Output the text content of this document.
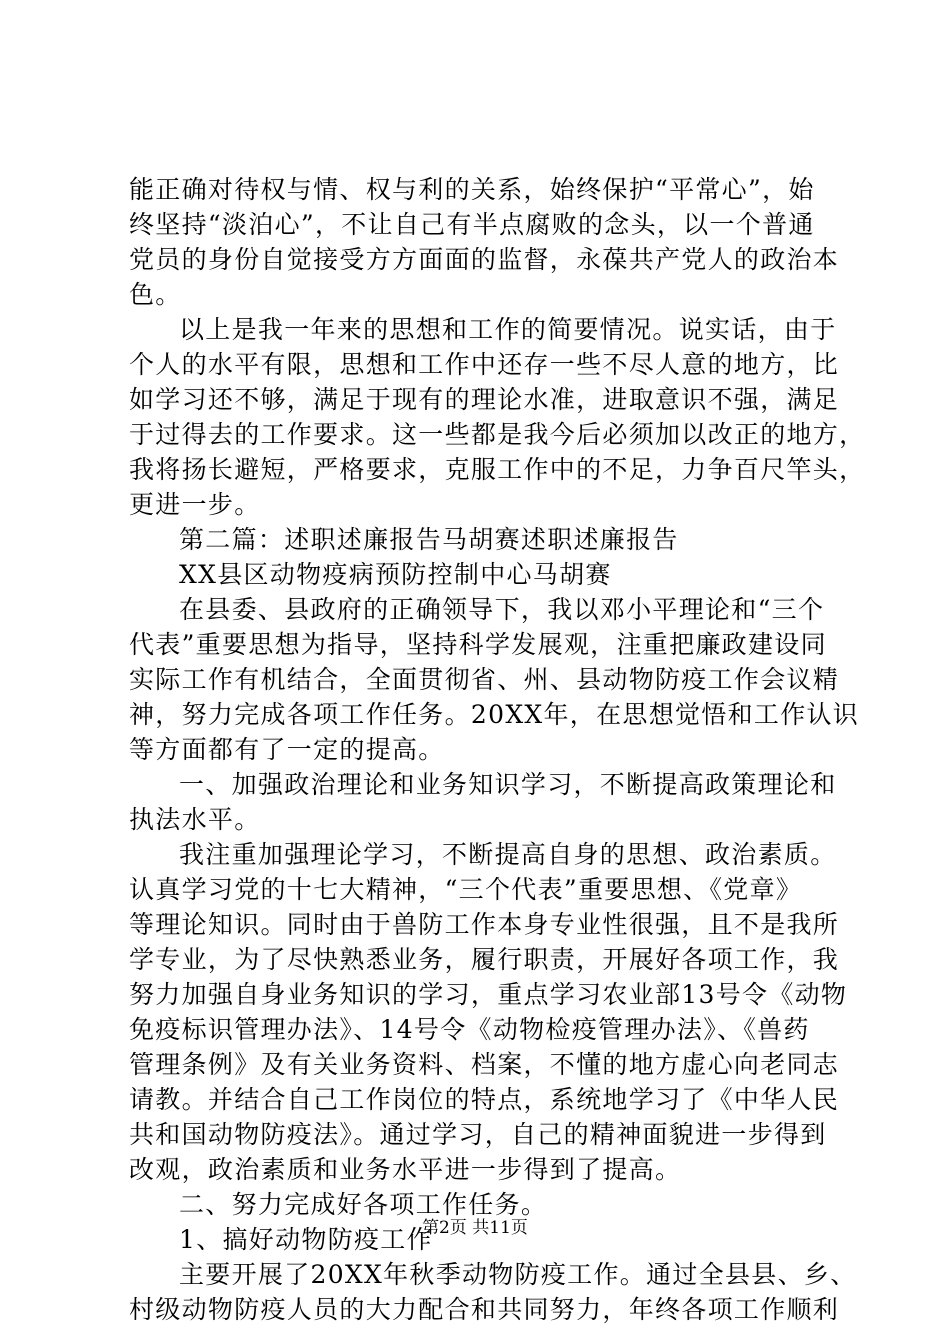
能正确对待权与情、权与利的关系，始终保护“平常心”，始
终坚持“淡泊心”，不让自己有半点腐败的念头，以一个普通
党员的身份自觉接受方方面面的监督，永葆共产党人的政治本
色。
以上是我一年来的思想和工作的简要情况。说实话，由于
个人的水平有限，思想和工作中还存一些不尽人意的地方，比
如学习还不够，满足于现有的理论水准，进取意识不强，满足
于过得去的工作要求。这一些都是我今后必须加以改正的地方，
我将扬长避短，严格要求，克服工作中的不足，力争百尺竿头，
更进一步。
第二篇：述职述廉报告马胡赛述职述廉报告
XX县区动物疫病预防控制中心马胡赛
在县委、县政府的正确领导下，我以邓小平理论和“三个
代表”重要思想为指导，坚持科学发展观，注重把廉政建设同
实际工作有机结合，全面贯彻省、州、县动物防疫工作会议精
神，努力完成各项工作任务。20XX年，在思想觉悟和工作认识
等方面都有了一定的提高。
一、加强政治理论和业务知识学习，不断提高政策理论和
执法水平。
我注重加强理论学习，不断提高自身的思想、政治素质。
认真学习党的十七大精神，“三个代表”重要思想、《党章》
等理论知识。同时由于兽防工作本身专业性很强，且不是我所
学专业，为了尽快熟悉业务，履行职责，开展好各项工作，我
努力加强自身业务知识的学习，重点学习农业部13号令《动物
免疫标识管理办法》、14号令《动物检疫管理办法》、《兽药
管理条例》及有关业务资料、档案，不懂的地方虚心向老同志
请教。并结合自己工作岗位的特点，系统地学习了《中华人民
共和国动物防疫法》。通过学习，自己的精神面貌进一步得到
改观，政治素质和业务水平进一步得到了提高。
二、努力完成好各项工作任务。
1、搞好动物防疫工作
主要开展了20XX年秋季动物防疫工作。通过全县县、乡、
村级动物防疫人员的大力配合和共同努力，年终各项工作顺利
第2页 共11页
